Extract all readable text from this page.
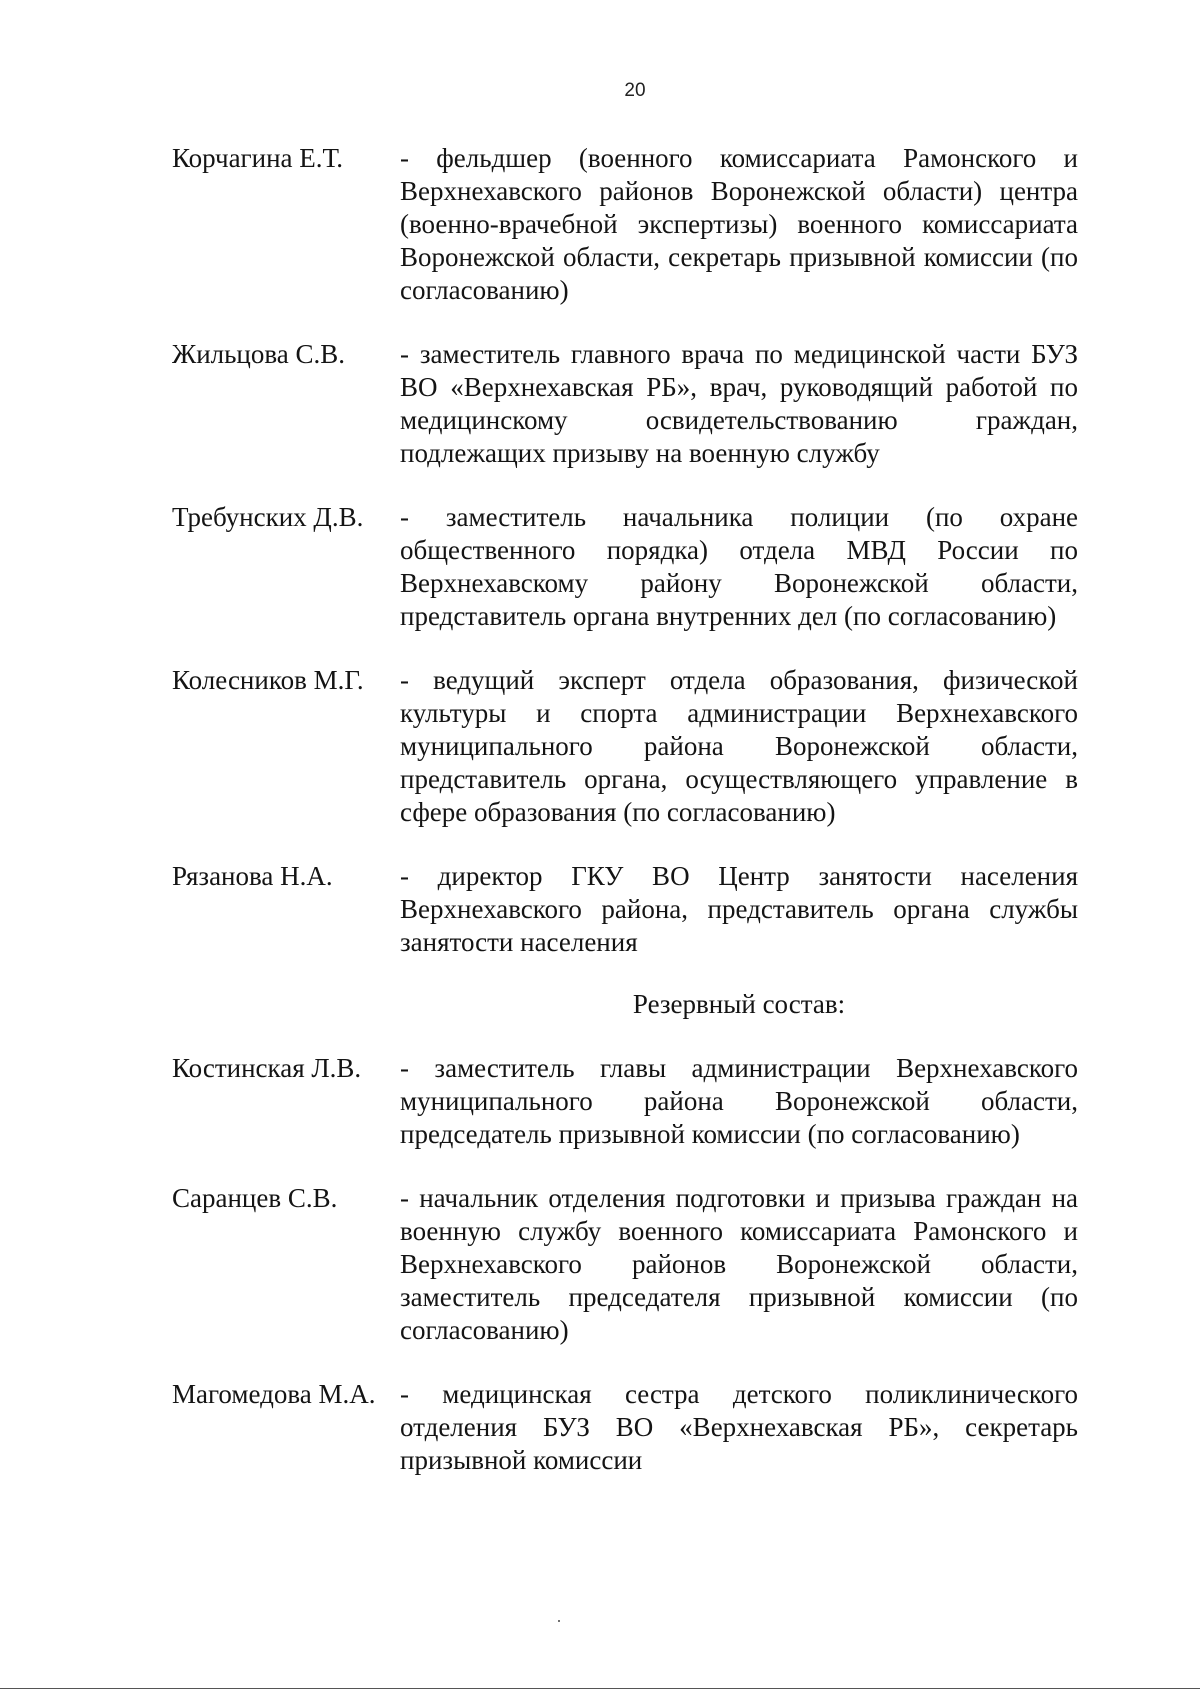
20
Корчагина Е.Т.	- фельдшер (военного комиссариата Рамонского и Верхнехавского районов Воронежской области) центра (военно-врачебной экспертизы) военного комиссариата Воронежской области, секретарь призывной комиссии (по согласованию)
Жильцова С.В.	- заместитель главного врача по медицинской части БУЗ ВО «Верхнехавская РБ», врач, руководящий работой по медицинскому освидетельствованию граждан, подлежащих призыву на военную службу
Требунских Д.В.	- заместитель начальника полиции (по охране общественного порядка) отдела МВД России по Верхнехавскому району Воронежской области, представитель органа внутренних дел (по согласованию)
Колесников М.Г.	- ведущий эксперт отдела образования, физической культуры и спорта администрации Верхнехавского муниципального района Воронежской области, представитель органа, осуществляющего управление в сфере образования (по согласованию)
Рязанова Н.А.	- директор ГКУ ВО Центр занятости населения Верхнехавского района, представитель органа службы занятости населения
Резервный состав:
Костинская Л.В.	- заместитель главы администрации Верхнехавского муниципального района Воронежской области, председатель призывной комиссии (по согласованию)
Саранцев С.В.	- начальник отделения подготовки и призыва граждан на военную службу военного комиссариата Рамонского и Верхнехавского районов Воронежской области, заместитель председателя призывной комиссии (по согласованию)
Магомедова М.А. - медицинская сестра детского поликлинического отделения БУЗ ВО «Верхнехавская РБ», секретарь призывной комиссии
